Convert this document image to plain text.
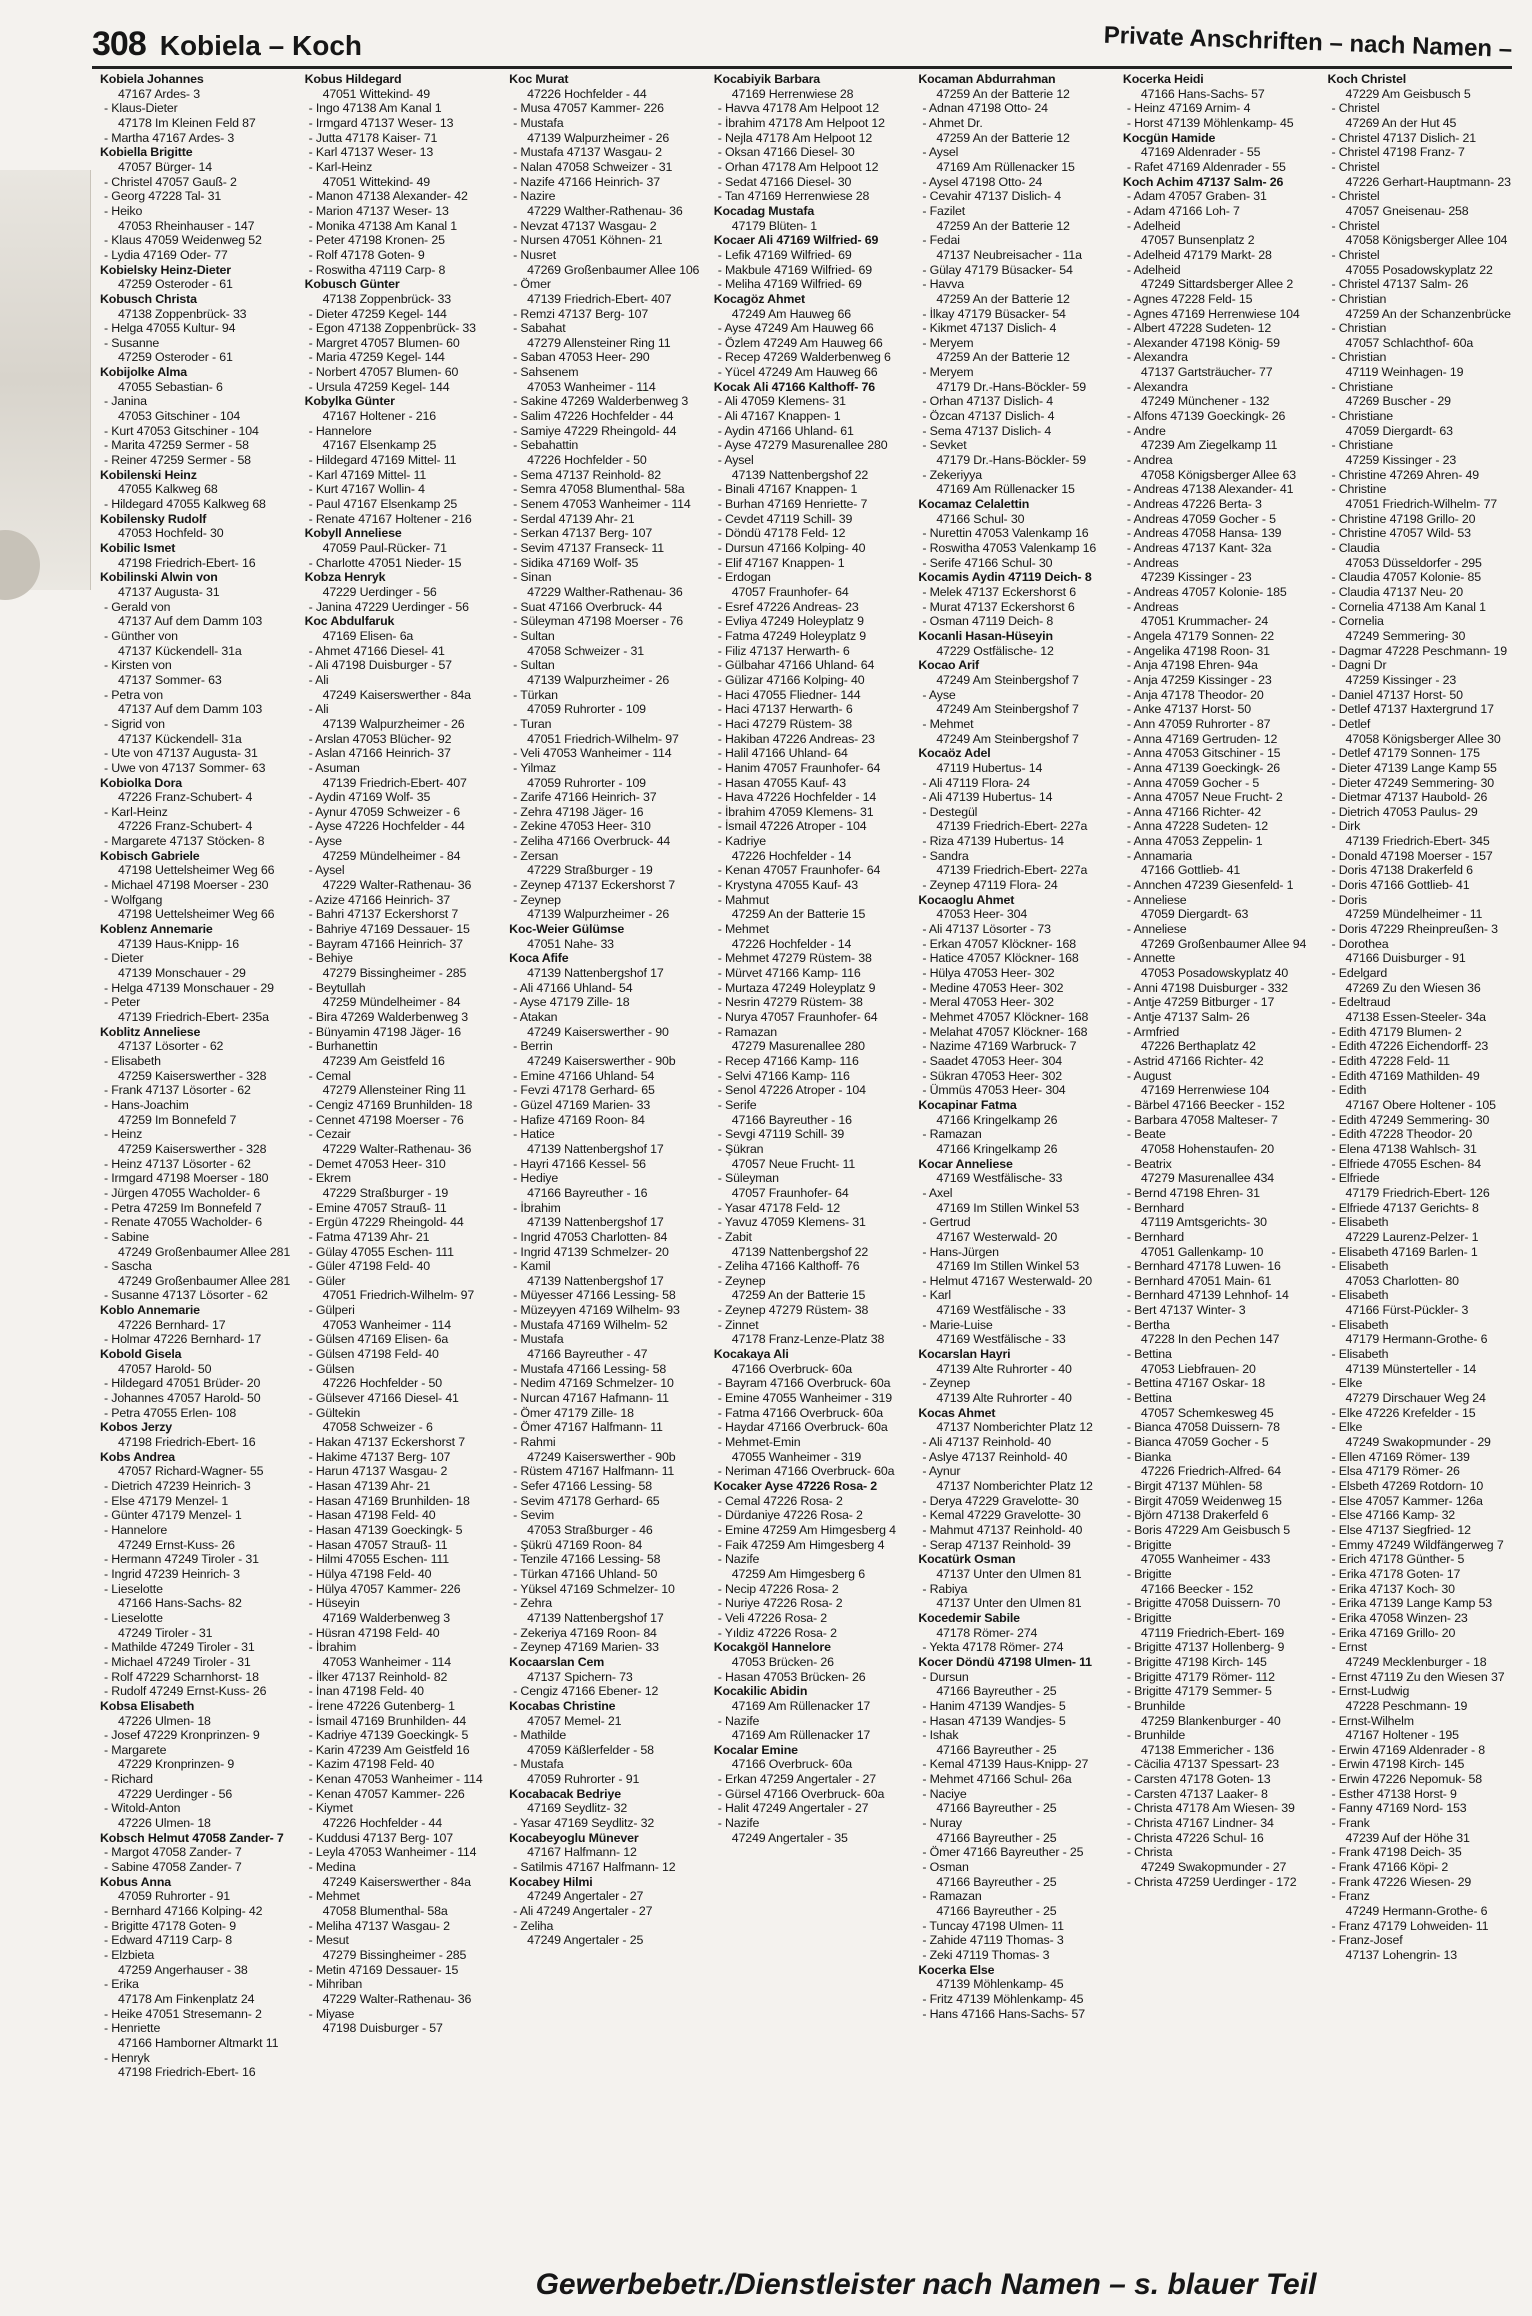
308 Kobiela – Koch	Private Anschriften – nach Namen –
Kobiela Johannes
47167 Ardes- 3
- Klaus-Dieter
47178 Im Kleinen Feld 87
- Martha 47167 Ardes- 3
Kobiella Brigitte
47057 Bürger- 14
- Christel 47057 Gauß- 2
- Georg 47228 Tal- 31
- Heiko
47053 Rheinhauser - 147
- Klaus 47059 Weidenweg 52
- Lydia 47169 Oder- 77
Kobielsky Heinz-Dieter
47259 Osteroder - 61
Kobusch Christa
47138 Zoppenbrück- 33
- Helga 47055 Kultur- 94
- Susanne
47259 Osteroder - 61
Kobijolke Alma
47055 Sebastian- 6
- Janina
47053 Gitschiner - 104
- Kurt 47053 Gitschiner - 104
- Marita 47259 Sermer - 58
- Reiner 47259 Sermer - 58
Kobilenski Heinz
47055 Kalkweg 68
- Hildegard 47055 Kalkweg 68
Kobilensky Rudolf
47053 Hochfeld- 30
Kobilic Ismet
47198 Friedrich-Ebert- 16
Kobilinski Alwin von
47137 Augusta- 31
- Gerald von
47137 Auf dem Damm 103
- Günther von
47137 Kückendell- 31a
- Kirsten von
47137 Sommer- 63
- Petra von
47137 Auf dem Damm 103
- Sigrid von
47137 Kückendell- 31a
- Ute von 47137 Augusta- 31
- Uwe von 47137 Sommer- 63
Kobiolka Dora
47226 Franz-Schubert- 4
- Karl-Heinz
47226 Franz-Schubert- 4
- Margarete 47137 Stöcken- 8
Kobisch Gabriele
47198 Uettelsheimer Weg 66
- Michael 47198 Moerser - 230
- Wolfgang
47198 Uettelsheimer Weg 66
Koblenz Annemarie
47139 Haus-Knipp- 16
- Dieter
47139 Monschauer - 29
- Helga 47139 Monschauer - 29
- Peter
47139 Friedrich-Ebert- 235a
Koblitz Anneliese
47137 Lösorter - 62
- Elisabeth
47259 Kaiserswerther - 328
- Frank 47137 Lösorter - 62
- Hans-Joachim
47259 Im Bonnefeld 7
- Heinz
47259 Kaiserswerther - 328
- Heinz 47137 Lösorter - 62
- Irmgard 47198 Moerser - 180
- Jürgen 47055 Wacholder- 6
- Petra 47259 Im Bonnefeld 7
- Renate 47055 Wacholder- 6
- Sabine
47249 Großenbaumer Allee 281
- Sascha
47249 Großenbaumer Allee 281
- Susanne 47137 Lösorter - 62
Koblo Annemarie
47226 Bernhard- 17
- Holmar 47226 Bernhard- 17
Kobold Gisela
47057 Harold- 50
- Hildegard 47051 Brüder- 20
- Johannes 47057 Harold- 50
- Petra 47055 Erlen- 108
Kobos Jerzy
47198 Friedrich-Ebert- 16
Kobs Andrea
47057 Richard-Wagner- 55
- Dietrich 47239 Heinrich- 3
- Else 47179 Menzel- 1
- Günter 47179 Menzel- 1
- Hannelore
47249 Ernst-Kuss- 26
- Hermann 47249 Tiroler - 31
- Ingrid 47239 Heinrich- 3
- Lieselotte
47166 Hans-Sachs- 82
- Lieselotte
47249 Tiroler - 31
- Mathilde 47249 Tiroler - 31
- Michael 47249 Tiroler - 31
- Rolf 47229 Scharnhorst- 18
- Rudolf 47249 Ernst-Kuss- 26
Kobsa Elisabeth
47226 Ulmen- 18
- Josef 47229 Kronprinzen- 9
- Margarete
47229 Kronprinzen- 9
- Richard
47229 Uerdinger - 56
- Witold-Anton
47226 Ulmen- 18
Kobsch Helmut 47058 Zander- 7
- Margot 47058 Zander- 7
- Sabine 47058 Zander- 7
Kobus Anna
47059 Ruhrorter - 91
- Bernhard 47166 Kolping- 42
- Brigitte 47178 Goten- 9
- Edward 47119 Carp- 8
- Elzbieta
47259 Angerhauser - 38
- Erika
47178 Am Finkenplatz 24
- Heike 47051 Stresemann- 2
- Henriette
47166 Hamborner Altmarkt 11
- Henryk
47198 Friedrich-Ebert- 16
Kobus Hildegard
47051 Wittekind- 49
- Ingo 47138 Am Kanal 1
- Irmgard 47137 Weser- 13
- Jutta 47178 Kaiser- 71
- Karl 47137 Weser- 13
- Karl-Heinz
47051 Wittekind- 49
- Manon 47138 Alexander- 42
- Marion 47137 Weser- 13
- Monika 47138 Am Kanal 1
- Peter 47198 Kronen- 25
- Rolf 47178 Goten- 9
- Roswitha 47119 Carp- 8
Kobusch Günter
47138 Zoppenbrück- 33
- Dieter 47259 Kegel- 144
- Egon 47138 Zoppenbrück- 33
- Margret 47057 Blumen- 60
- Maria 47259 Kegel- 144
- Norbert 47057 Blumen- 60
- Ursula 47259 Kegel- 144
Kobylka Günter
47167 Holtener - 216
- Hannelore
47167 Elsenkamp 25
- Hildegard 47169 Mittel- 11
- Karl 47169 Mittel- 11
- Kurt 47167 Wollin- 4
- Paul 47167 Elsenkamp 25
- Renate 47167 Holtener - 216
Kobyll Anneliese
47059 Paul-Rücker- 71
- Charlotte 47051 Nieder- 15
Kobza Henryk
47229 Uerdinger - 56
- Janina 47229 Uerdinger - 56
Koc Abdulfaruk
47169 Elisen- 6a
- Ahmet 47166 Diesel- 41
- Ali 47198 Duisburger - 57
- Ali
47249 Kaiserswerther - 84a
- Ali
47139 Walpurzheimer - 26
- Arslan 47053 Blücher- 92
- Aslan 47166 Heinrich- 37
- Asuman
47139 Friedrich-Ebert- 407
- Aydin 47169 Wolf- 35
- Aynur 47059 Schweizer - 6
- Ayse 47226 Hochfelder - 44
- Ayse
47259 Mündelheimer - 84
- Aysel
47229 Walter-Rathenau- 36
- Azize 47166 Heinrich- 37
- Bahri 47137 Eckershorst 7
- Bahriye 47169 Dessauer- 15
- Bayram 47166 Heinrich- 37
- Behiye
47279 Bissingheimer - 285
- Beytullah
47259 Mündelheimer - 84
- Bira 47269 Walderbenweg 3
- Bünyamin 47198 Jäger- 16
- Burhanettin
47239 Am Geistfeld 16
- Cemal
47279 Allensteiner Ring 11
- Cengiz 47169 Brunhilden- 18
- Cennet 47198 Moerser - 76
- Cezair
47229 Walter-Rathenau- 36
- Demet 47053 Heer- 310
- Ekrem
47229 Straßburger - 19
- Emine 47057 Strauß- 11
- Ergün 47229 Rheingold- 44
- Fatma 47139 Ahr- 21
- Gülay 47055 Eschen- 111
- Güler 47198 Feld- 40
- Güler
47051 Friedrich-Wilhelm- 97
- Gülperi
47053 Wanheimer - 114
- Gülsen 47169 Elisen- 6a
- Gülsen 47198 Feld- 40
- Gülsen
47226 Hochfelder - 50
- Gülsever 47166 Diesel- 41
- Gültekin
47058 Schweizer - 6
- Hakan 47137 Eckershorst 7
- Hakime 47137 Berg- 107
- Harun 47137 Wasgau- 2
- Hasan 47139 Ahr- 21
- Hasan 47169 Brunhilden- 18
- Hasan 47198 Feld- 40
- Hasan 47139 Goeckingk- 5
- Hasan 47057 Strauß- 11
- Hilmi 47055 Eschen- 111
- Hülya 47198 Feld- 40
- Hülya 47057 Kammer- 226
- Hüseyin
47169 Walderbenweg 3
- Hüsran 47198 Feld- 40
- İbrahim
47053 Wanheimer - 114
- İlker 47137 Reinhold- 82
- İnan 47198 Feld- 40
- İrene 47226 Gutenberg- 1
- İsmail 47169 Brunhilden- 44
- Kadriye 47139 Goeckingk- 5
- Karin 47239 Am Geistfeld 16
- Kazim 47198 Feld- 40
- Kenan 47053 Wanheimer - 114
- Kenan 47057 Kammer- 226
- Kiymet
47226 Hochfelder - 44
- Kuddusi 47137 Berg- 107
- Leyla 47053 Wanheimer - 114
- Medina
47249 Kaiserswerther - 84a
- Mehmet
47058 Blumenthal- 58a
- Meliha 47137 Wasgau- 2
- Mesut
47279 Bissingheimer - 285
- Metin 47169 Dessauer- 15
- Mihriban
47229 Walter-Rathenau- 36
- Miyase
47198 Duisburger - 57
Koc Murat
47226 Hochfelder - 44
- Musa 47057 Kammer- 226
- Mustafa
47139 Walpurzheimer - 26
- Mustafa 47137 Wasgau- 2
- Nalan 47058 Schweizer - 31
- Nazife 47166 Heinrich- 37
- Nazire
47229 Walther-Rathenau- 36
- Nevzat 47137 Wasgau- 2
- Nursen 47051 Köhnen- 21
- Nusret
47269 Großenbaumer Allee 106
- Ömer
47139 Friedrich-Ebert- 407
- Remzi 47137 Berg- 107
- Sabahat
47279 Allensteiner Ring 11
- Saban 47053 Heer- 290
- Sahsenem
47053 Wanheimer - 114
- Sakine 47269 Walderbenweg 3
- Salim 47226 Hochfelder - 44
- Samiye 47229 Rheingold- 44
- Sebahattin
47226 Hochfelder - 50
- Sema 47137 Reinhold- 82
- Semra 47058 Blumenthal- 58a
- Senem 47053 Wanheimer - 114
- Serdal 47139 Ahr- 21
- Serkan 47137 Berg- 107
- Sevim 47137 Franseck- 11
- Sidika 47169 Wolf- 35
- Sinan
47229 Walther-Rathenau- 36
- Suat 47166 Overbruck- 44
- Süleyman 47198 Moerser - 76
- Sultan
47058 Schweizer - 31
- Sultan
47139 Walpurzheimer - 26
- Türkan
47059 Ruhrorter - 109
- Turan
47051 Friedrich-Wilhelm- 97
- Veli 47053 Wanheimer - 114
- Yilmaz
47059 Ruhrorter - 109
- Zarife 47166 Heinrich- 37
- Zehra 47198 Jäger- 16
- Zekine 47053 Heer- 310
- Zeliha 47166 Overbruck- 44
- Zersan
47229 Straßburger - 19
- Zeynep 47137 Eckershorst 7
- Zeynep
47139 Walpurzheimer - 26
Koc-Weier Gülümse
47051 Nahe- 33
Koca Afife
47139 Nattenbergshof 17
- Ali 47166 Uhland- 54
- Ayse 47179 Zille- 18
- Atakan
47249 Kaiserswerther - 90
- Berrin
47249 Kaiserswerther - 90b
- Emine 47166 Uhland- 54
- Fevzi 47178 Gerhard- 65
- Güzel 47169 Marien- 33
- Hafize 47169 Roon- 84
- Hatice
47139 Nattenbergshof 17
- Hayri 47166 Kessel- 56
- Hediye
47166 Bayreuther - 16
- İbrahim
47139 Nattenbergshof 17
- Ingrid 47053 Charlotten- 84
- Ingrid 47139 Schmelzer- 20
- Kamil
47139 Nattenbergshof 17
- Müyesser 47166 Lessing- 58
- Müzeyyen 47169 Wilhelm- 93
- Mustafa 47169 Wilhelm- 52
- Mustafa
47166 Bayreuther - 47
- Mustafa 47166 Lessing- 58
- Nedim 47169 Schmelzer- 10
- Nurcan 47167 Hafmann- 11
- Ömer 47179 Zille- 18
- Ömer 47167 Halfmann- 11
- Rahmi
47249 Kaiserswerther - 90b
- Rüstem 47167 Halfmann- 11
- Sefer 47166 Lessing- 58
- Sevim 47178 Gerhard- 65
- Sevim
47053 Straßburger - 46
- Şükrü 47169 Roon- 84
- Tenzile 47166 Lessing- 58
- Türkan 47166 Uhland- 50
- Yüksel 47169 Schmelzer- 10
- Zehra
47139 Nattenbergshof 17
- Zekeriya 47169 Roon- 84
- Zeynep 47169 Marien- 33
Kocaarslan Cem
47137 Spichern- 73
- Cengiz 47166 Ebener- 12
Kocabas Christine
47057 Memel- 21
- Mathilde
47059 Käßlerfelder - 58
- Mustafa
47059 Ruhrorter - 91
Kocabacak Bedriye
47169 Seydlitz- 32
- Yasar 47169 Seydlitz- 32
Kocabeyoglu Münever
47167 Halfmann- 12
- Satilmis 47167 Halfmann- 12
Kocabey Hilmi
47249 Angertaler - 27
- Ali 47249 Angertaler - 27
- Zeliha
47249 Angertaler - 25
Kocabiyik Barbara
47169 Herrenwiese 28
- Havva 47178 Am Helpoot 12
- İbrahim 47178 Am Helpoot 12
- Nejla 47178 Am Helpoot 12
- Oksan 47166 Diesel- 30
- Orhan 47178 Am Helpoot 12
- Sedat 47166 Diesel- 30
- Tan 47169 Herrenwiese 28
Kocadag Mustafa
47179 Blüten- 1
Kocaer Ali 47169 Wilfried- 69
- Lefik 47169 Wilfried- 69
- Makbule 47169 Wilfried- 69
- Meliha 47169 Wilfried- 69
Kocagöz Ahmet
47249 Am Hauweg 66
- Ayse 47249 Am Hauweg 66
- Özlem 47249 Am Hauweg 66
- Recep 47269 Walderbenweg 6
- Yücel 47249 Am Hauweg 66
Kocak Ali 47166 Kalthoff- 76
- Ali 47059 Klemens- 31
- Ali 47167 Knappen- 1
- Aydin 47166 Uhland- 61
- Ayse 47279 Masurenallee 280
- Aysel
47139 Nattenbergshof 22
- Binali 47167 Knappen- 1
- Burhan 47169 Henriette- 7
- Cevdet 47119 Schill- 39
- Döndü 47178 Feld- 12
- Dursun 47166 Kolping- 40
- Elif 47167 Knappen- 1
- Erdogan
47057 Fraunhofer- 64
- Esref 47226 Andreas- 23
- Evliya 47249 Holeyplatz 9
- Fatma 47249 Holeyplatz 9
- Filiz 47137 Herwarth- 6
- Gülbahar 47166 Uhland- 64
- Gülizar 47166 Kolping- 40
- Haci 47055 Fliedner- 144
- Haci 47137 Herwarth- 6
- Haci 47279 Rüstem- 38
- Hakiban 47226 Andreas- 23
- Halil 47166 Uhland- 64
- Hanim 47057 Fraunhofer- 64
- Hasan 47055 Kauf- 43
- Hava 47226 Hochfelder - 14
- İbrahim 47059 Klemens- 31
- İsmail 47226 Atroper - 104
- Kadriye
47226 Hochfelder - 14
- Kenan 47057 Fraunhofer- 64
- Krystyna 47055 Kauf- 43
- Mahmut
47259 An der Batterie 15
- Mehmet
47226 Hochfelder - 14
- Mehmet 47279 Rüstem- 38
- Mürvet 47166 Kamp- 116
- Murtaza 47249 Holeyplatz 9
- Nesrin 47279 Rüstem- 38
- Nurya 47057 Fraunhofer- 64
- Ramazan
47279 Masurenallee 280
- Recep 47166 Kamp- 116
- Selvi 47166 Kamp- 116
- Senol 47226 Atroper - 104
- Serife
47166 Bayreuther - 16
- Sevgi 47119 Schill- 39
- Şükran
47057 Neue Frucht- 11
- Süleyman
47057 Fraunhofer- 64
- Yasar 47178 Feld- 12
- Yavuz 47059 Klemens- 31
- Zabit
47139 Nattenbergshof 22
- Zeliha 47166 Kalthoff- 76
- Zeynep
47259 An der Batterie 15
- Zeynep 47279 Rüstem- 38
- Zinnet
47178 Franz-Lenze-Platz 38
Kocakaya Ali
47166 Overbruck- 60a
- Bayram 47166 Overbruck- 60a
- Emine 47055 Wanheimer - 319
- Fatma 47166 Overbruck- 60a
- Haydar 47166 Overbruck- 60a
- Mehmet-Emin
47055 Wanheimer - 319
- Neriman 47166 Overbruck- 60a
Kocaker Ayse 47226 Rosa- 2
- Cemal 47226 Rosa- 2
- Dürdaniye 47226 Rosa- 2
- Emine 47259 Am Himgesberg 4
- Faik 47259 Am Himgesberg 4
- Nazife
47259 Am Himgesberg 6
- Necip 47226 Rosa- 2
- Nuriye 47226 Rosa- 2
- Veli 47226 Rosa- 2
- Yıldiz 47226 Rosa- 2
Kocakgöl Hannelore
47053 Brücken- 26
- Hasan 47053 Brücken- 26
Kocakilic Abidin
47169 Am Rüllenacker 17
- Nazife
47169 Am Rüllenacker 17
Kocalar Emine
47166 Overbruck- 60a
- Erkan 47259 Angertaler - 27
- Gürsel 47166 Overbruck- 60a
- Halit 47249 Angertaler - 27
- Nazife
47249 Angertaler - 35
Kocaman Abdurrahman
47259 An der Batterie 12
- Adnan 47198 Otto- 24
- Ahmet Dr.
47259 An der Batterie 12
- Aysel
47169 Am Rüllenacker 15
- Aysel 47198 Otto- 24
- Cevahir 47137 Dislich- 4
- Fazilet
47259 An der Batterie 12
- Fedai
47137 Neubreisacher - 11a
- Gülay 47179 Büsacker- 54
- Havva
47259 An der Batterie 12
- İlkay 47179 Büsacker- 54
- Kikmet 47137 Dislich- 4
- Meryem
47259 An der Batterie 12
- Meryem
47179 Dr.-Hans-Böckler- 59
- Orhan 47137 Dislich- 4
- Özcan 47137 Dislich- 4
- Sema 47137 Dislich- 4
- Sevket
47179 Dr.-Hans-Böckler- 59
- Zekeriyya
47169 Am Rüllenacker 15
Kocamaz Celalettin
47166 Schul- 30
- Nurettin 47053 Valenkamp 16
- Roswitha 47053 Valenkamp 16
- Serife 47166 Schul- 30
Kocamis Aydin 47119 Deich- 8
- Melek 47137 Eckershorst 6
- Murat 47137 Eckershorst 6
- Osman 47119 Deich- 8
Kocanli Hasan-Hüseyin
47229 Ostfälische- 12
Kocao Arif
47249 Am Steinbergshof 7
- Ayse
47249 Am Steinbergshof 7
- Mehmet
47249 Am Steinbergshof 7
Kocaöz Adel
47119 Hubertus- 14
- Ali 47119 Flora- 24
- Ali 47139 Hubertus- 14
- Destegül
47139 Friedrich-Ebert- 227a
- Riza 47139 Hubertus- 14
- Sandra
47139 Friedrich-Ebert- 227a
- Zeynep 47119 Flora- 24
Kocaoglu Ahmet
47053 Heer- 304
- Ali 47137 Lösorter - 73
- Erkan 47057 Klöckner- 168
- Hatice 47057 Klöckner- 168
- Hülya 47053 Heer- 302
- Medine 47053 Heer- 302
- Meral 47053 Heer- 302
- Mehmet 47057 Klöckner- 168
- Melahat 47057 Klöckner- 168
- Nazime 47169 Warbruck- 7
- Saadet 47053 Heer- 304
- Sükran 47053 Heer- 302
- Ümmüs 47053 Heer- 304
Kocapinar Fatma
47166 Kringelkamp 26
- Ramazan
47166 Kringelkamp 26
Kocar Anneliese
47169 Westfälische- 33
- Axel
47169 Im Stillen Winkel 53
- Gertrud
47167 Westerwald- 20
- Hans-Jürgen
47169 Im Stillen Winkel 53
- Helmut 47167 Westerwald- 20
- Karl
47169 Westfälische - 33
- Marie-Luise
47169 Westfälische - 33
Kocarslan Hayri
47139 Alte Ruhrorter - 40
- Zeynep
47139 Alte Ruhrorter - 40
Kocas Ahmet
47137 Nomberichter Platz 12
- Ali 47137 Reinhold- 40
- Aslye 47137 Reinhold- 40
- Aynur
47137 Nomberichter Platz 12
- Derya 47229 Gravelotte- 30
- Kemal 47229 Gravelotte- 30
- Mahmut 47137 Reinhold- 40
- Serap 47137 Reinhold- 39
Kocatürk Osman
47137 Unter den Ulmen 81
- Rabiya
47137 Unter den Ulmen 81
Kocedemir Sabile
47178 Römer- 274
- Yekta 47178 Römer- 274
Kocer Döndü 47198 Ulmen- 11
- Dursun
47166 Bayreuther - 25
- Hanim 47139 Wandjes- 5
- Hasan 47139 Wandjes- 5
- Ishak
47166 Bayreuther - 25
- Kemal 47139 Haus-Knipp- 27
- Mehmet 47166 Schul- 26a
- Naciye
47166 Bayreuther - 25
- Nuray
47166 Bayreuther - 25
- Ömer 47166 Bayreuther - 25
- Osman
47166 Bayreuther - 25
- Ramazan
47166 Bayreuther - 25
- Tuncay 47198 Ulmen- 11
- Zahide 47119 Thomas- 3
- Zeki 47119 Thomas- 3
Kocerka Else
47139 Möhlenkamp- 45
- Fritz 47139 Möhlenkamp- 45
- Hans 47166 Hans-Sachs- 57
Kocerka Heidi
47166 Hans-Sachs- 57
- Heinz 47169 Arnim- 4
- Horst 47139 Möhlenkamp- 45
Kocgün Hamide
47169 Aldenrader - 55
- Rafet 47169 Aldenrader - 55
Koch Achim 47137 Salm- 26
- Adam 47057 Graben- 31
- Adam 47166 Loh- 7
- Adelheid
47057 Bunsenplatz 2
- Adelheid 47179 Markt- 28
- Adelheid
47249 Sittardsberger Allee 2
- Agnes 47228 Feld- 15
- Agnes 47169 Herrenwiese 104
- Albert 47228 Sudeten- 12
- Alexander 47198 König- 59
- Alexandra
47137 Gartsträucher- 77
- Alexandra
47249 Münchener - 132
- Alfons 47139 Goeckingk- 26
- Andre
47239 Am Ziegelkamp 11
- Andrea
47058 Königsberger Allee 63
- Andreas 47138 Alexander- 41
- Andreas 47226 Berta- 3
- Andreas 47059 Gocher - 5
- Andreas 47058 Hansa- 139
- Andreas 47137 Kant- 32a
- Andreas
47239 Kissinger - 23
- Andreas 47057 Kolonie- 185
- Andreas
47051 Krummacher- 24
- Angela 47179 Sonnen- 22
- Angelika 47198 Roon- 31
- Anja 47198 Ehren- 94a
- Anja 47259 Kissinger - 23
- Anja 47178 Theodor- 20
- Anke 47137 Horst- 50
- Ann 47059 Ruhrorter - 87
- Anna 47169 Gertruden- 12
- Anna 47053 Gitschiner - 15
- Anna 47139 Goeckingk- 26
- Anna 47059 Gocher - 5
- Anna 47057 Neue Frucht- 2
- Anna 47166 Richter- 42
- Anna 47228 Sudeten- 12
- Anna 47053 Zeppelin- 1
- Annamaria
47166 Gottlieb- 41
- Annchen 47239 Giesenfeld- 1
- Anneliese
47059 Diergardt- 63
- Anneliese
47269 Großenbaumer Allee 94
- Annette
47053 Posadowskyplatz 40
- Anni 47198 Duisburger - 332
- Antje 47259 Bitburger - 17
- Antje 47137 Salm- 26
- Armfried
47226 Berthaplatz 42
- Astrid 47166 Richter- 42
- August
47169 Herrenwiese 104
- Bärbel 47166 Beecker - 152
- Barbara 47058 Malteser- 7
- Beate
47058 Hohenstaufen- 20
- Beatrix
47279 Masurenallee 434
- Bernd 47198 Ehren- 31
- Bernhard
47119 Amtsgerichts- 30
- Bernhard
47051 Gallenkamp- 10
- Bernhard 47178 Luwen- 16
- Bernhard 47051 Main- 61
- Bernhard 47139 Lehnhof- 14
- Bert 47137 Winter- 3
- Bertha
47228 In den Pechen 147
- Bettina
47053 Liebfrauen- 20
- Bettina 47167 Oskar- 18
- Bettina
47057 Schemkesweg 45
- Bianca 47058 Duissern- 78
- Bianca 47059 Gocher - 5
- Bianka
47226 Friedrich-Alfred- 64
- Birgit 47137 Mühlen- 58
- Birgit 47059 Weidenweg 15
- Björn 47138 Drakerfeld 6
- Boris 47229 Am Geisbusch 5
- Brigitte
47055 Wanheimer - 433
- Brigitte
47166 Beecker - 152
- Brigitte 47058 Duissern- 70
- Brigitte
47119 Friedrich-Ebert- 169
- Brigitte 47137 Hollenberg- 9
- Brigitte 47198 Kirch- 145
- Brigitte 47179 Römer- 112
- Brigitte 47179 Semmer- 5
- Brunhilde
47259 Blankenburger - 40
- Brunhilde
47138 Emmericher - 136
- Cäcilia 47137 Spessart- 23
- Carsten 47178 Goten- 13
- Carsten 47137 Laaker- 8
- Christa 47178 Am Wiesen- 39
- Christa 47167 Lindner- 34
- Christa 47226 Schul- 16
- Christa
47249 Swakopmunder - 27
- Christa 47259 Uerdinger - 172
Koch Christel
47229 Am Geisbusch 5
- Christel
47269 An der Hut 45
- Christel 47137 Dislich- 21
- Christel 47198 Franz- 7
- Christel
47226 Gerhart-Hauptmann- 23
- Christel
47057 Gneisenau- 258
- Christel
47058 Königsberger Allee 104
- Christel
47055 Posadowskyplatz 22
- Christel 47137 Salm- 26
- Christian
47259 An der Schanzenbrücke
- Christian
47057 Schlachthof- 60a
- Christian
47119 Weinhagen- 19
- Christiane
47269 Buscher - 29
- Christiane
47059 Diergardt- 63
- Christiane
47259 Kissinger - 23
- Christine 47269 Ahren- 49
- Christine
47051 Friedrich-Wilhelm- 77
- Christine 47198 Grillo- 20
- Christine 47057 Wild- 53
- Claudia
47053 Düsseldorfer - 295
- Claudia 47057 Kolonie- 85
- Claudia 47137 Neu- 20
- Cornelia 47138 Am Kanal 1
- Cornelia
47249 Semmering- 30
- Dagmar 47228 Peschmann- 19
- Dagni Dr
47259 Kissinger - 23
- Daniel 47137 Horst- 50
- Detlef 47137 Haxtergrund 17
- Detlef
47058 Königsberger Allee 30
- Detlef 47179 Sonnen- 175
- Dieter 47139 Lange Kamp 55
- Dieter 47249 Semmering- 30
- Dietmar 47137 Haubold- 26
- Dietrich 47053 Paulus- 29
- Dirk
47139 Friedrich-Ebert- 345
- Donald 47198 Moerser - 157
- Doris 47138 Drakerfeld 6
- Doris 47166 Gottlieb- 41
- Doris
47259 Mündelheimer - 11
- Doris 47229 Rheinpreußen- 3
- Dorothea
47166 Duisburger - 91
- Edelgard
47269 Zu den Wiesen 36
- Edeltraud
47138 Essen-Steeler- 34a
- Edith 47179 Blumen- 2
- Edith 47226 Eichendorff- 23
- Edith 47228 Feld- 11
- Edith 47169 Mathilden- 49
- Edith
47167 Obere Holtener - 105
- Edith 47249 Semmering- 30
- Edith 47228 Theodor- 20
- Elena 47138 Wahlsch- 31
- Elfriede 47055 Eschen- 84
- Elfriede
47179 Friedrich-Ebert- 126
- Elfriede 47137 Gerichts- 8
- Elisabeth
47229 Laurenz-Pelzer- 1
- Elisabeth 47169 Barlen- 1
- Elisabeth
47053 Charlotten- 80
- Elisabeth
47166 Fürst-Pückler- 3
- Elisabeth
47179 Hermann-Grothe- 6
- Elisabeth
47139 Münsterteller - 14
- Elke
47279 Dirschauer Weg 24
- Elke 47226 Krefelder - 15
- Elke
47249 Swakopmunder - 29
- Ellen 47169 Römer- 139
- Elsa 47179 Römer- 26
- Elsbeth 47269 Rotdorn- 10
- Else 47057 Kammer- 126a
- Else 47166 Kamp- 32
- Else 47137 Siegfried- 12
- Emmy 47249 Wildfängerweg 7
- Erich 47178 Günther- 5
- Erika 47178 Goten- 17
- Erika 47137 Koch- 30
- Erika 47139 Lange Kamp 53
- Erika 47058 Winzen- 23
- Erika 47169 Grillo- 20
- Ernst
47249 Mecklenburger - 18
- Ernst 47119 Zu den Wiesen 37
- Ernst-Ludwig
47228 Peschmann- 19
- Ernst-Wilhelm
47167 Holtener - 195
- Erwin 47169 Aldenrader - 8
- Erwin 47198 Kirch- 145
- Erwin 47226 Nepomuk- 58
- Esther 47138 Horst- 9
- Fanny 47169 Nord- 153
- Frank
47239 Auf der Höhe 31
- Frank 47198 Deich- 35
- Frank 47166 Köpi- 2
- Frank 47226 Wiesen- 29
- Franz
47249 Hermann-Grothe- 6
- Franz 47179 Lohweiden- 11
- Franz-Josef
47137 Lohengrin- 13
Gewerbebetr./Dienstleister nach Namen – s. blauer Teil
